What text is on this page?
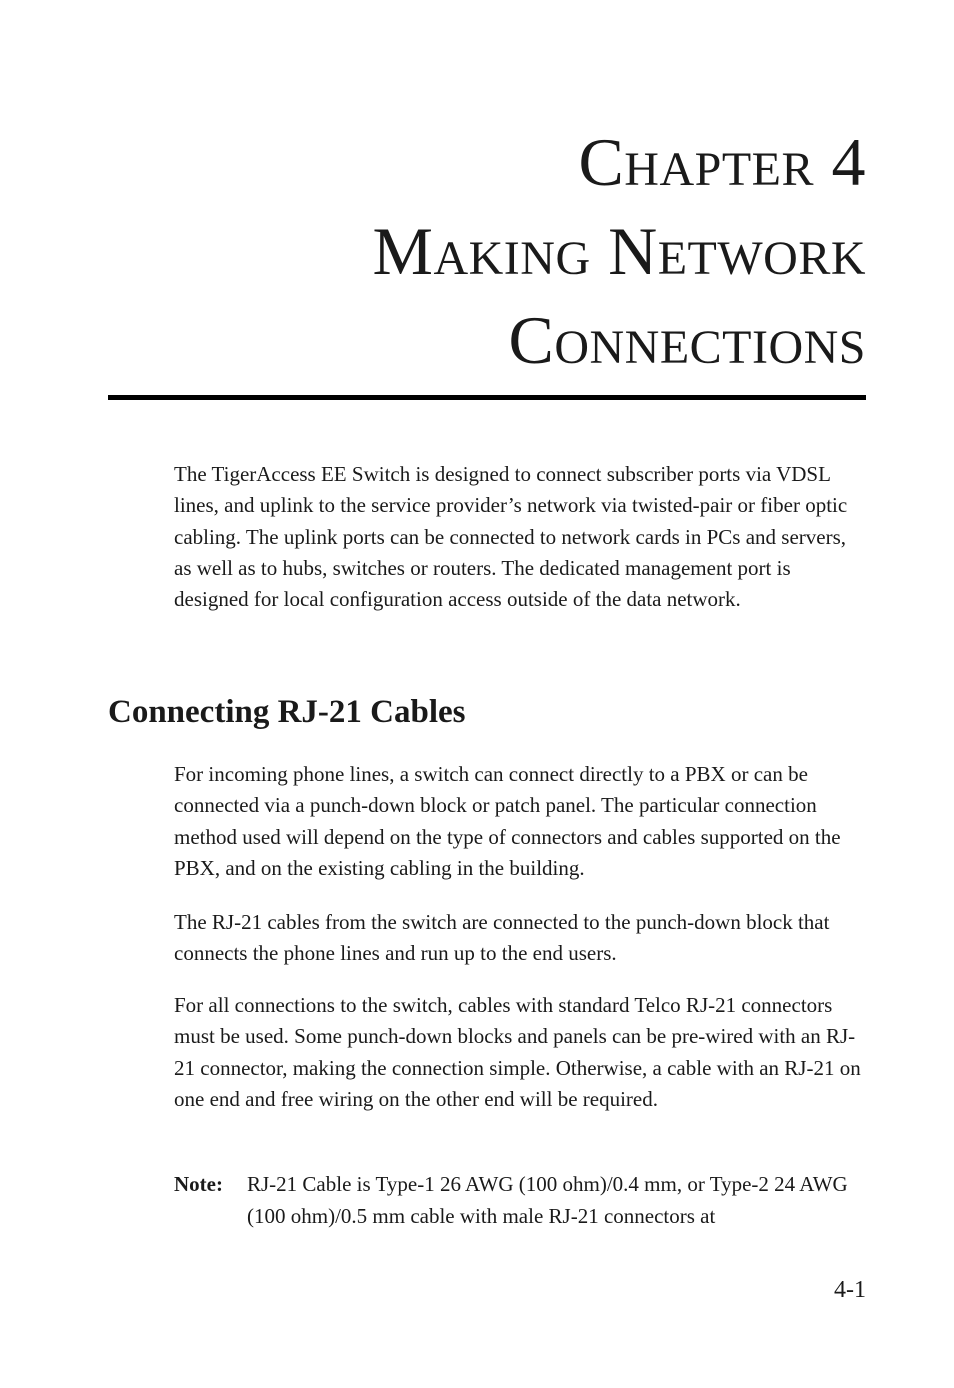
Chapter 4
Making Network
Connections

The TigerAccess EE Switch is designed to connect subscriber ports via VDSL lines, and uplink to the service provider’s network via twisted-pair or fiber optic cabling. The uplink ports can be connected to network cards in PCs and servers, as well as to hubs, switches or routers. The dedicated management port is designed for local configuration access outside of the data network.

Connecting RJ-21 Cables

For incoming phone lines, a switch can connect directly to a PBX or can be connected via a punch-down block or patch panel. The particular connection method used will depend on the type of connectors and cables supported on the PBX, and on the existing cabling in the building.

The RJ-21 cables from the switch are connected to the punch-down block that connects the phone lines and run up to the end users.

For all connections to the switch, cables with standard Telco RJ-21 connectors must be used. Some punch-down blocks and panels can be pre-wired with an RJ-21 connector, making the connection simple. Otherwise, a cable with an RJ-21 on one end and free wiring on the other end will be required.

Note:	RJ-21 Cable is Type-1 26 AWG (100 ohm)/0.4 mm, or Type-2 24 AWG (100 ohm)/0.5 mm cable with male RJ-21 connectors at
4-1
